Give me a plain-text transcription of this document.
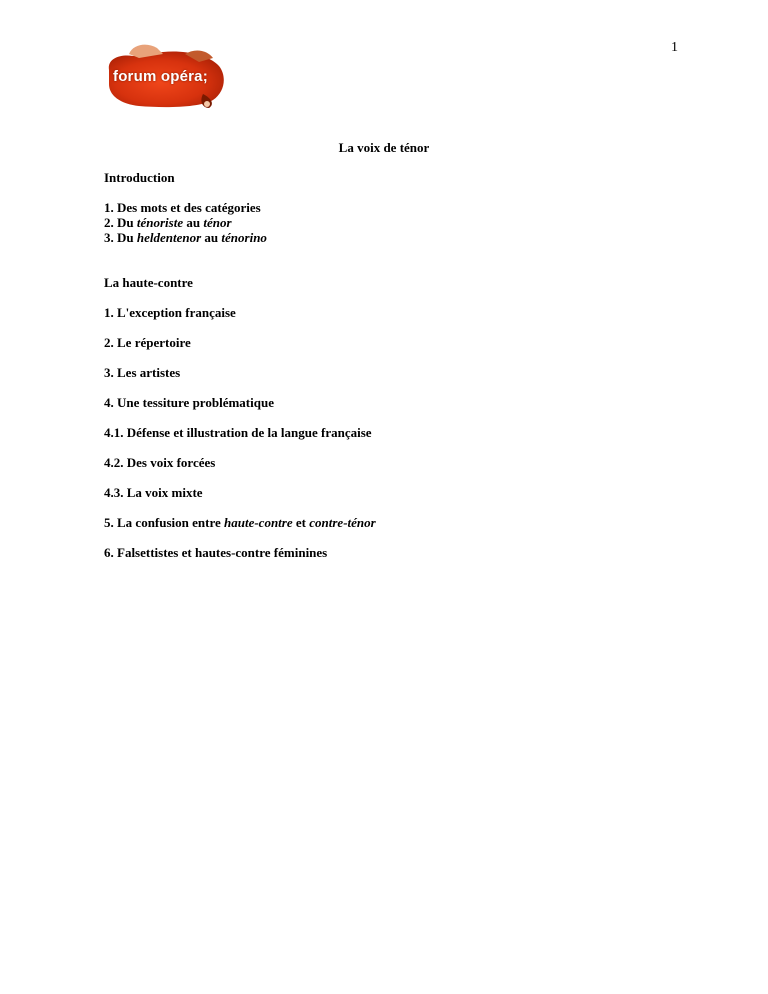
1
forum opéra;
La voix de ténor
Introduction
1. Des mots et des catégories
2. Du ténoriste au ténor
3. Du heldentenor au ténorino
La haute-contre
1. L'exception française
2. Le répertoire
3. Les artistes
4. Une tessiture problématique
4.1. Défense et illustration de la langue française
4.2. Des voix forcées
4.3. La voix mixte
5. La confusion entre haute-contre et contre-ténor
6. Falsettistes et hautes-contre féminines
